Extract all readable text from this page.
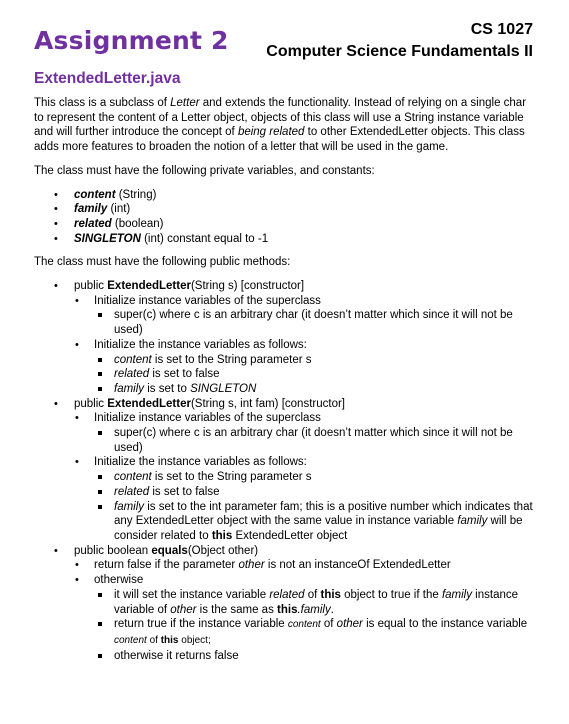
Assignment 2	CS 1027
Computer Science Fundamentals II
ExtendedLetter.java

This class is a subclass of Letter and extends the functionality. Instead of relying on a single char to represent the content of a Letter object, objects of this class will use a String instance variable and will further introduce the concept of being related to other ExtendedLetter objects. This class adds more features to broaden the notion of a letter that will be used in the game.

The class must have the following private variables, and constants:

• content (String)
• family (int)
• related (boolean)
• SINGLETON (int) constant equal to -1

The class must have the following public methods:

• public ExtendedLetter(String s) [constructor]
• Initialize instance variables of the superclass
super(c) where c is an arbitrary char (it doesn’t matter which since it will not be used)
• Initialize the instance variables as follows:
content is set to the String parameter s
related is set to false
family is set to SINGLETON
• public ExtendedLetter(String s, int fam) [constructor]
• Initialize instance variables of the superclass
super(c) where c is an arbitrary char (it doesn’t matter which since it will not be used)
• Initialize the instance variables as follows:
content is set to the String parameter s
related is set to false
family is set to the int parameter fam; this is a positive number which indicates that any ExtendedLetter object with the same value in instance variable family will be consider related to this ExtendedLetter object
• public boolean equals(Object other)
• return false if the parameter other is not an instanceOf ExtendedLetter
• otherwise
it will set the instance variable related of this object to true if the family instance variable of other is the same as this.family.
return true if the instance variable content of other is equal to the instance variable content of this object;
otherwise it returns false
